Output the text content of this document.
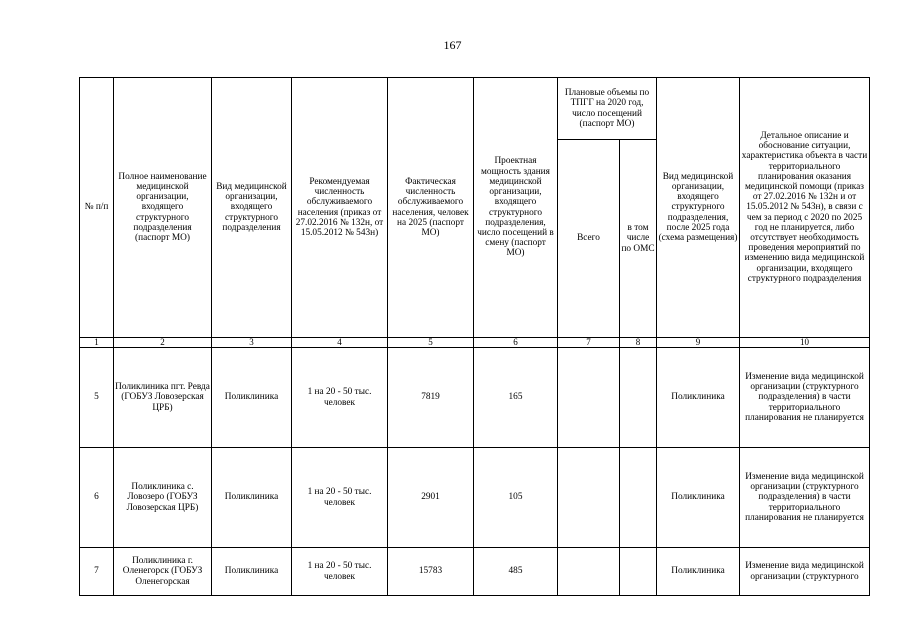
167
№ п/п	Полное наименование медицинской организации, входящего структурного подразделения (паспорт МО)	Вид медицинской организации, входящего структурного подразделения	Рекомендуемая численность обслуживаемого населения (приказ от 27.02.2016 № 132н, от 15.05.2012 № 543н)	Фактическая численность обслуживаемого населения, человек на 2025 (паспорт МО)	Проектная мощность здания медицинской организации, входящего структурного подразделения, число посещений в смену (паспорт МО)	Плановые объемы по ТПГГ на 2020 год, число посещений (паспорт МО)		Вид медицинской организации, входящего структурного подразделения, после 2025 года (схема размещения)	Детальное описание и обоснование ситуации, характеристика объекта в части территориального планирования оказания медицинской помощи (приказ от 27.02.2016 № 132н и от 15.05.2012 № 543н), в связи с чем за период с 2020 по 2025 год не планируется, либо отсутствует необходимость проведения мероприятий по изменению вида медицинской организации, входящего структурного подразделения
						Всего	в том числе по ОМС		
1	2	3	4	5	6	7	8	9	10
5	Поликлиника пгт. Ревда (ГОБУЗ Ловозерская ЦРБ)	Поликлиника	1 на 20 - 50 тыс. человек	7819	165			Поликлиника	Изменение вида медицинской организации (структурного подразделения) в части территориального планирования не планируется
6	Поликлиника с. Ловозеро (ГОБУЗ Ловозерская ЦРБ)	Поликлиника	1 на 20 - 50 тыс. человек	2901	105			Поликлиника	Изменение вида медицинской организации (структурного подразделения) в части территориального планирования не планируется
7	Поликлиника г. Оленегорск (ГОБУЗ Оленегорская	Поликлиника	1 на 20 - 50 тыс. человек	15783	485			Поликлиника	Изменение вида медицинской организации (структурного
